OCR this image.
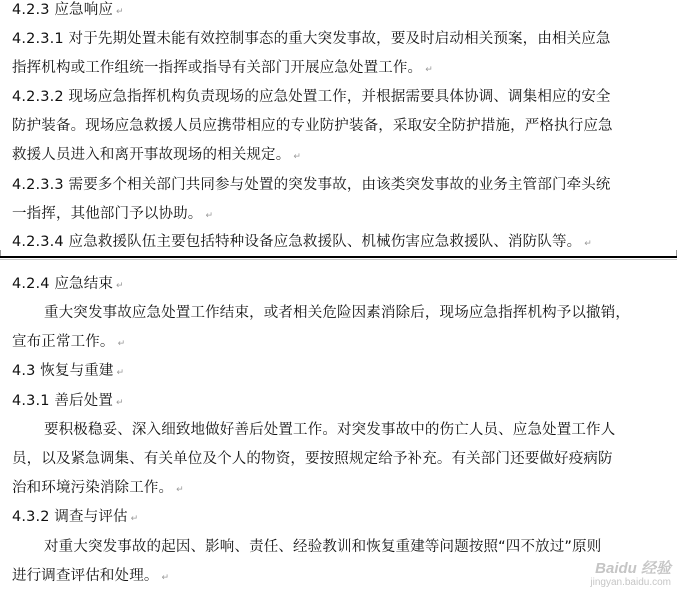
4.2.3 应急响应 ↵
4.2.3.1 对于先期处置未能有效控制事态的重大突发事故，要及时启动相关预案，由相关应急
指挥机构或工作组统一指挥或指导有关部门开展应急处置工作。 ↵
4.2.3.2 现场应急指挥机构负责现场的应急处置工作，并根据需要具体协调、调集相应的安全
防护装备。现场应急救援人员应携带相应的专业防护装备，采取安全防护措施，严格执行应急
救援人员进入和离开事故现场的相关规定。 ↵
4.2.3.3 需要多个相关部门共同参与处置的突发事故，由该类突发事故的业务主管部门牵头统
一指挥，其他部门予以协助。 ↵
4.2.3.4 应急救援队伍主要包括特种设备应急救援队、机械伤害应急救援队、消防队等。 ↵
4.2.4 应急结束 ↵
重大突发事故应急处置工作结束，或者相关危险因素消除后，现场应急指挥机构予以撤销，
宣布正常工作。 ↵
4.3 恢复与重建 ↵
4.3.1 善后处置 ↵
要积极稳妥、深入细致地做好善后处置工作。对突发事故中的伤亡人员、应急处置工作人
员，以及紧急调集、有关单位及个人的物资，要按照规定给予补充。有关部门还要做好疫病防
治和环境污染消除工作。 ↵
4.3.2 调查与评估 ↵
对重大突发事故的起因、影响、责任、经验教训和恢复重建等问题按照“四不放过”原则
进行调查评估和处理。 ↵
Baidu 经验
jingyan.baidu.com
